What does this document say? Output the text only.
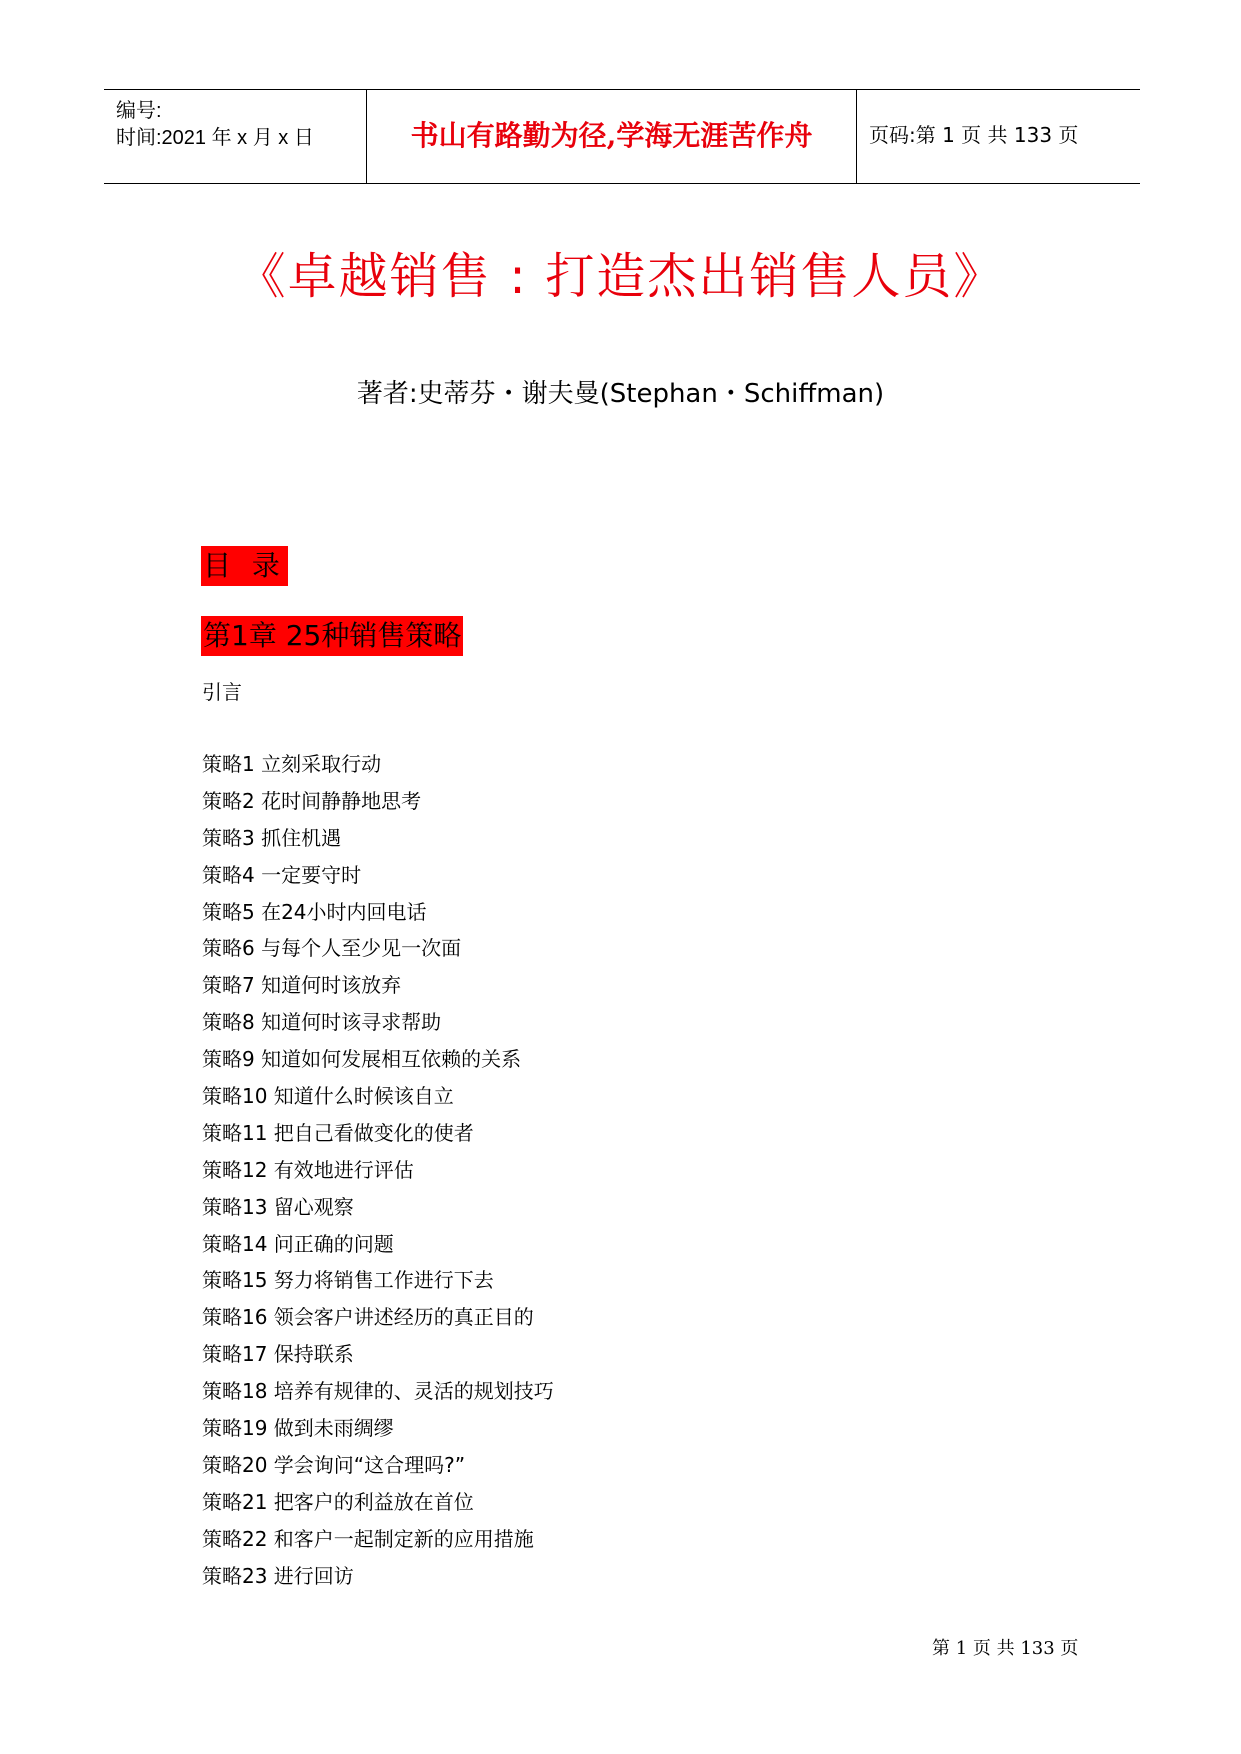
编号:
时间:2021 年 x 月 x 日	书山有路勤为径,学海无涯苦作舟	页码:第 1 页 共 133 页
《卓越销售 : 打造杰出销售人员》
著者:史蒂芬・谢夫曼(Stephan・Schiffman)
目 录
第1章 25种销售策略
引言
策略1 立刻采取行动
策略2 花时间静静地思考
策略3 抓住机遇
策略4 一定要守时
策略5 在24小时内回电话
策略6 与每个人至少见一次面
策略7 知道何时该放弃
策略8 知道何时该寻求帮助
策略9 知道如何发展相互依赖的关系
策略10 知道什么时候该自立
策略11 把自己看做变化的使者
策略12 有效地进行评估
策略13 留心观察
策略14 问正确的问题
策略15 努力将销售工作进行下去
策略16 领会客户讲述经历的真正目的
策略17 保持联系
策略18 培养有规律的、灵活的规划技巧
策略19 做到未雨绸缪
策略20 学会询问“这合理吗?”
策略21 把客户的利益放在首位
策略22 和客户一起制定新的应用措施
策略23 进行回访
第 1 页 共 133 页
